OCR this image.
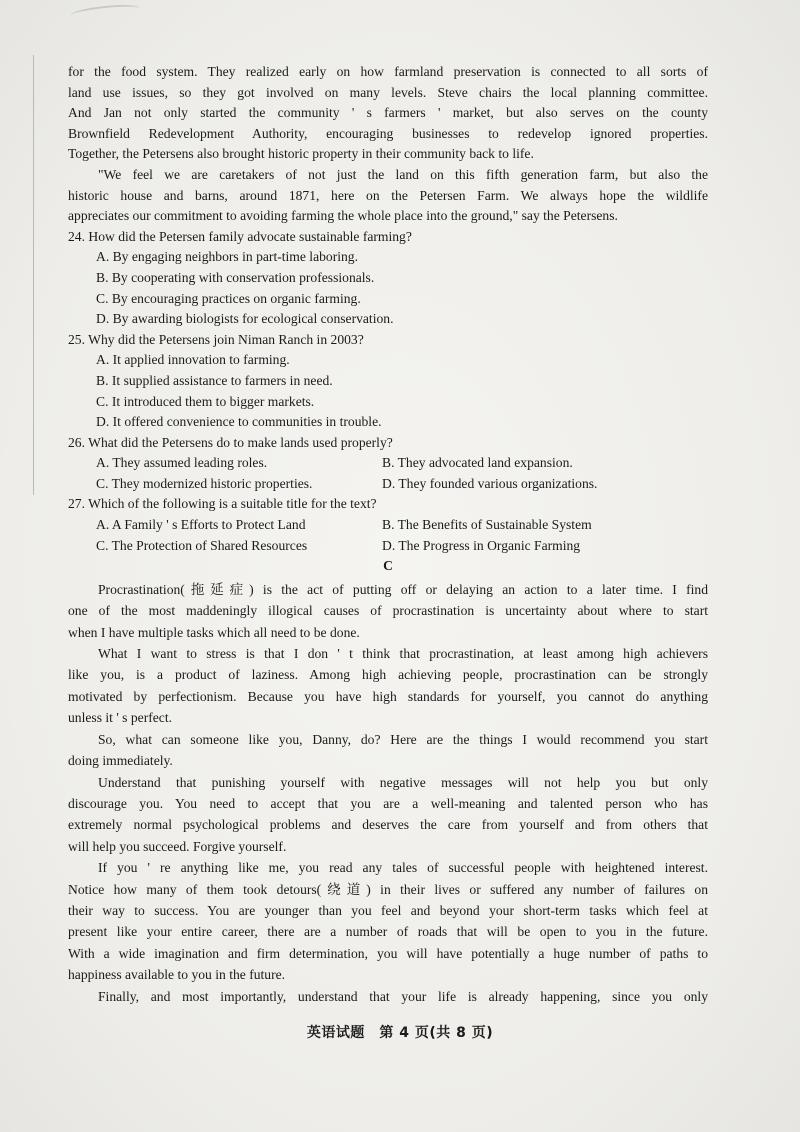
for the food system. They realized early on how farmland preservation is connected to all sorts of

land use issues, so they got involved on many levels. Steve chairs the local planning committee.

And Jan not only started the community ' s farmers ' market, but also serves on the county

Brownfield Redevelopment Authority, encouraging businesses to redevelop ignored properties.

Together, the Petersens also brought historic property in their community back to life.

"We feel we are caretakers of not just the land on this fifth generation farm, but also the

historic house and barns, around 1871, here on the Petersen Farm. We always hope the wildlife

appreciates our commitment to avoiding farming the whole place into the ground," say the Petersens.

24. How did the Petersen family advocate sustainable farming?

A. By engaging neighbors in part-time laboring.

B. By cooperating with conservation professionals.

C. By encouraging practices on organic farming.

D. By awarding biologists for ecological conservation.

25. Why did the Petersens join Niman Ranch in 2003?

A. It applied innovation to farming.

B. It supplied assistance to farmers in need.

C. It introduced them to bigger markets.

D. It offered convenience to communities in trouble.

26. What did the Petersens do to make lands used properly?

A. They assumed leading roles.	B. They advocated land expansion.

C. They modernized historic properties.	D. They founded various organizations.

27. Which of the following is a suitable title for the text?

A. A Family ' s Efforts to Protect Land	B. The Benefits of Sustainable System

C. The Protection of Shared Resources	D. The Progress in Organic Farming

C

Procrastination(拖延症) is the act of putting off or delaying an action to a later time. I find

one of the most maddeningly illogical causes of procrastination is uncertainty about where to start

when I have multiple tasks which all need to be done.

What I want to stress is that I don ' t think that procrastination, at least among high achievers

like you, is a product of laziness. Among high achieving people, procrastination can be strongly

motivated by perfectionism. Because you have high standards for yourself, you cannot do anything

unless it ' s perfect.

So, what can someone like you, Danny, do? Here are the things I would recommend you start

doing immediately.

Understand that punishing yourself with negative messages will not help you but only

discourage you. You need to accept that you are a well-meaning and talented person who has

extremely normal psychological problems and deserves the care from yourself and from others that

will help you succeed. Forgive yourself.

If you ' re anything like me, you read any tales of successful people with heightened interest.

Notice how many of them took detours(绕道) in their lives or suffered any number of failures on

their way to success. You are younger than you feel and beyond your short-term tasks which feel at

present like your entire career, there are a number of roads that will be open to you in the future.

With a wide imagination and firm determination, you will have potentially a huge number of paths to

happiness available to you in the future.

Finally, and most importantly, understand that your life is already happening, since you only

英语试题　第 4 页(共 8 页)
